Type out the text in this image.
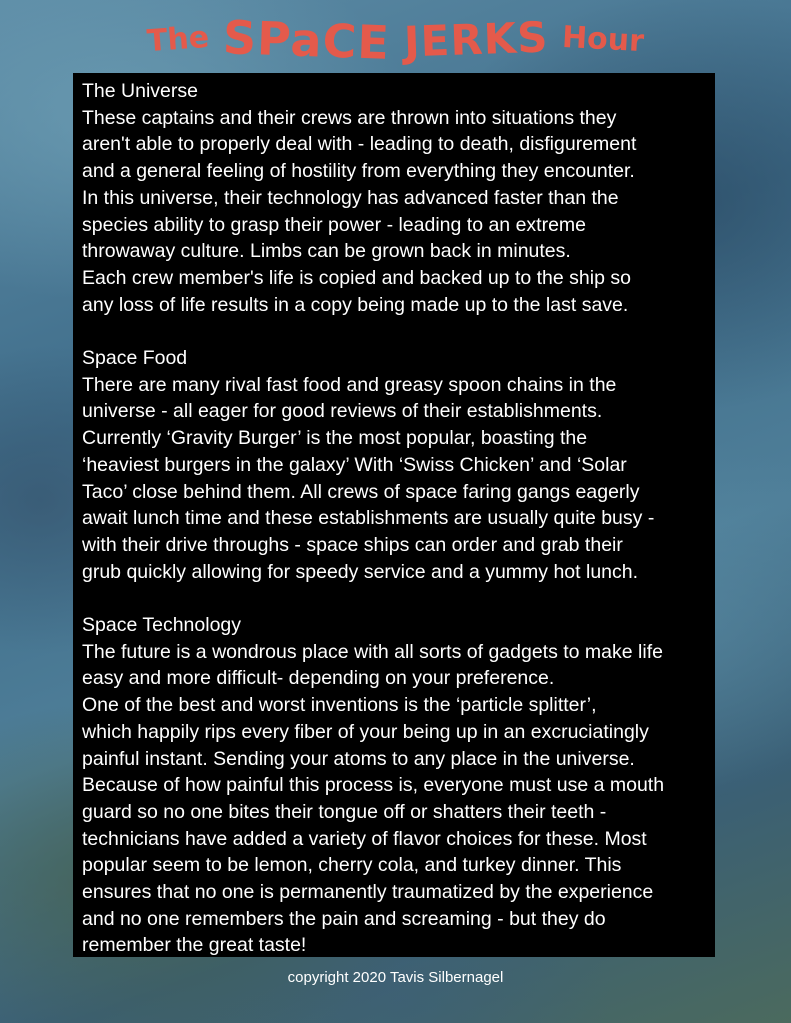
The SPaCE JERKS Hour
The Universe
These captains and their crews are thrown into situations they
aren't able to properly deal with - leading to death, disfigurement
and a general feeling of hostility from everything they encounter.
In this universe, their technology has advanced faster than the
species ability to grasp their power - leading to an extreme
throwaway culture. Limbs can be grown back in minutes.
Each crew member's life is copied and backed up to the ship so
any loss of life results in a copy being made up to the last save.
Space Food
There are many rival fast food and greasy spoon chains in the
universe - all eager for good reviews of their establishments.
Currently ‘Gravity Burger’ is the most popular, boasting the
‘heaviest burgers in the galaxy’ With ‘Swiss Chicken’ and ‘Solar
Taco’ close behind them. All crews of space faring gangs eagerly
await lunch time and these establishments are usually quite busy -
with their drive throughs - space ships can order and grab their
grub quickly allowing for speedy service and a yummy hot lunch.
Space Technology
The future is a wondrous place with all sorts of gadgets to make life
easy and more difficult- depending on your preference.
One of the best and worst inventions is the ‘particle splitter’,
which happily rips every fiber of your being up in an excruciatingly
painful instant. Sending your atoms to any place in the universe.
Because of how painful this process is, everyone must use a mouth
guard so no one bites their tongue off or shatters their teeth -
technicians have added a variety of flavor choices for these. Most
popular seem to be lemon, cherry cola, and turkey dinner. This
ensures that no one is permanently traumatized by the experience
and no one remembers the pain and screaming - but they do
remember the great taste!
copyright 2020 Tavis Silbernagel
